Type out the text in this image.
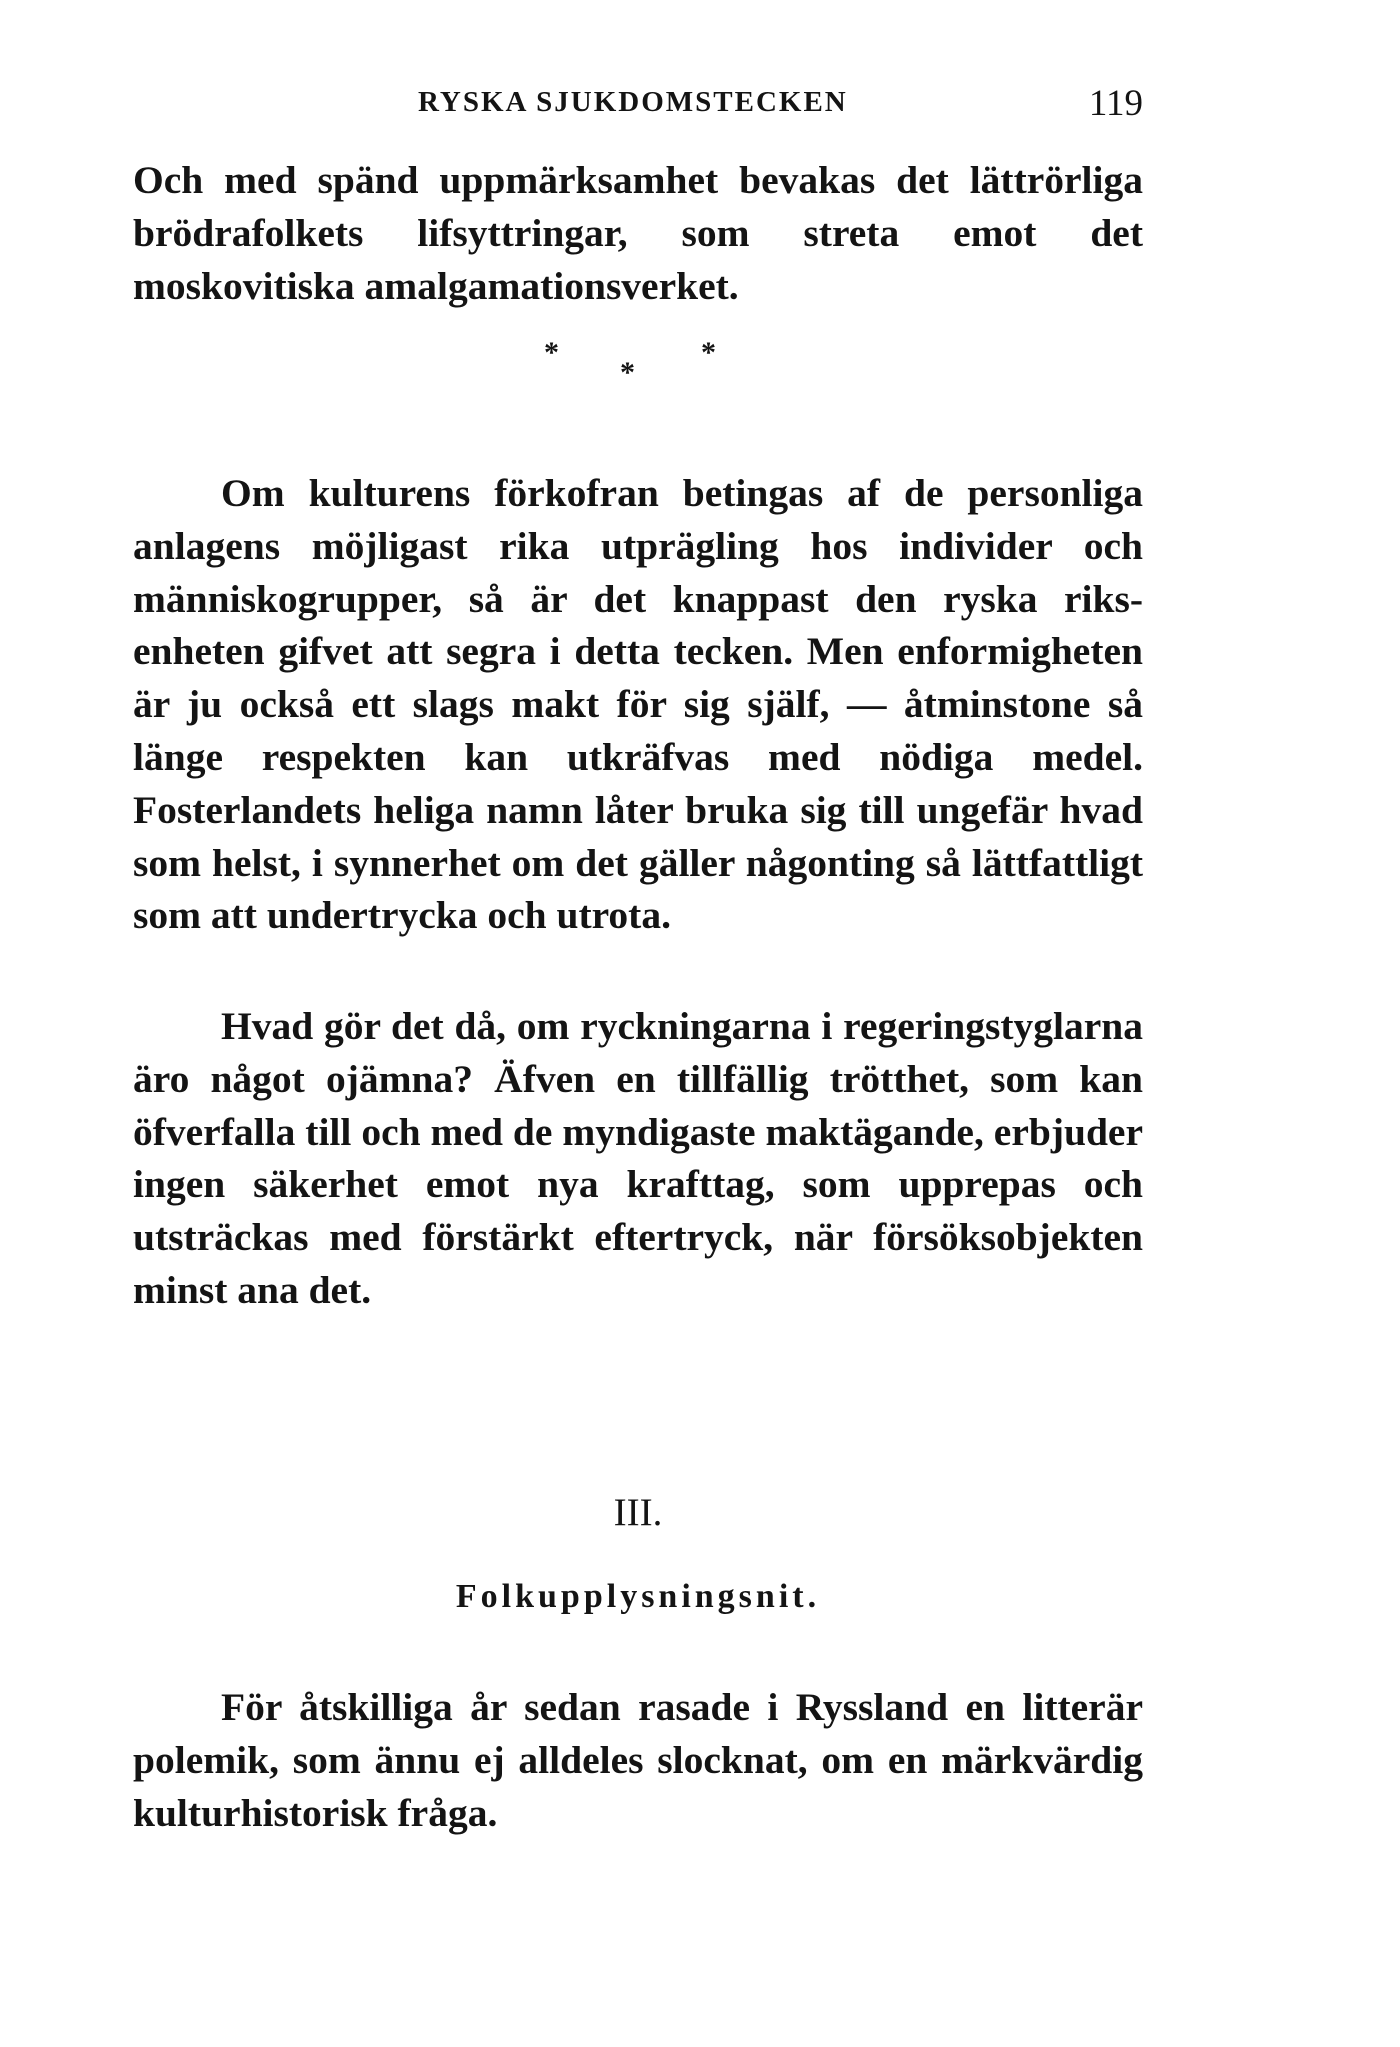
RYSKA SJUKDOMSTECKEN	119

Och med spänd uppmärksamhet bevakas det lättrörliga brödrafolkets lifsyttringar, som streta emot det moskovitiska amalgamationsverket.

*
*
*

Om kulturens förkofran betingas af de personliga anlagens möjligast rika utprägling hos individer och människogrupper, så är det knappast den ryska riksenheten gifvet att segra i detta tecken. Men enformigheten är ju också ett slags makt för sig själf, — åtminstone så länge respekten kan utkräfvas med nödiga medel. Fosterlandets heliga namn låter bruka sig till ungefär hvad som helst, i synnerhet om det gäller någonting så lättfattligt som att undertrycka och utrota.

Hvad gör det då, om ryckningarna i regeringstyglarna äro något ojämna? Äfven en tillfällig trötthet, som kan öfverfalla till och med de myndigaste maktägande, erbjuder ingen säkerhet emot nya krafttag, som upprepas och utsträckas med förstärkt eftertryck, när försöksobjekten minst ana det.

III.
Folkupplysningsnit.

För åtskilliga år sedan rasade i Ryssland en litterär polemik, som ännu ej alldeles slocknat, om en märkvärdig kulturhistorisk fråga.
